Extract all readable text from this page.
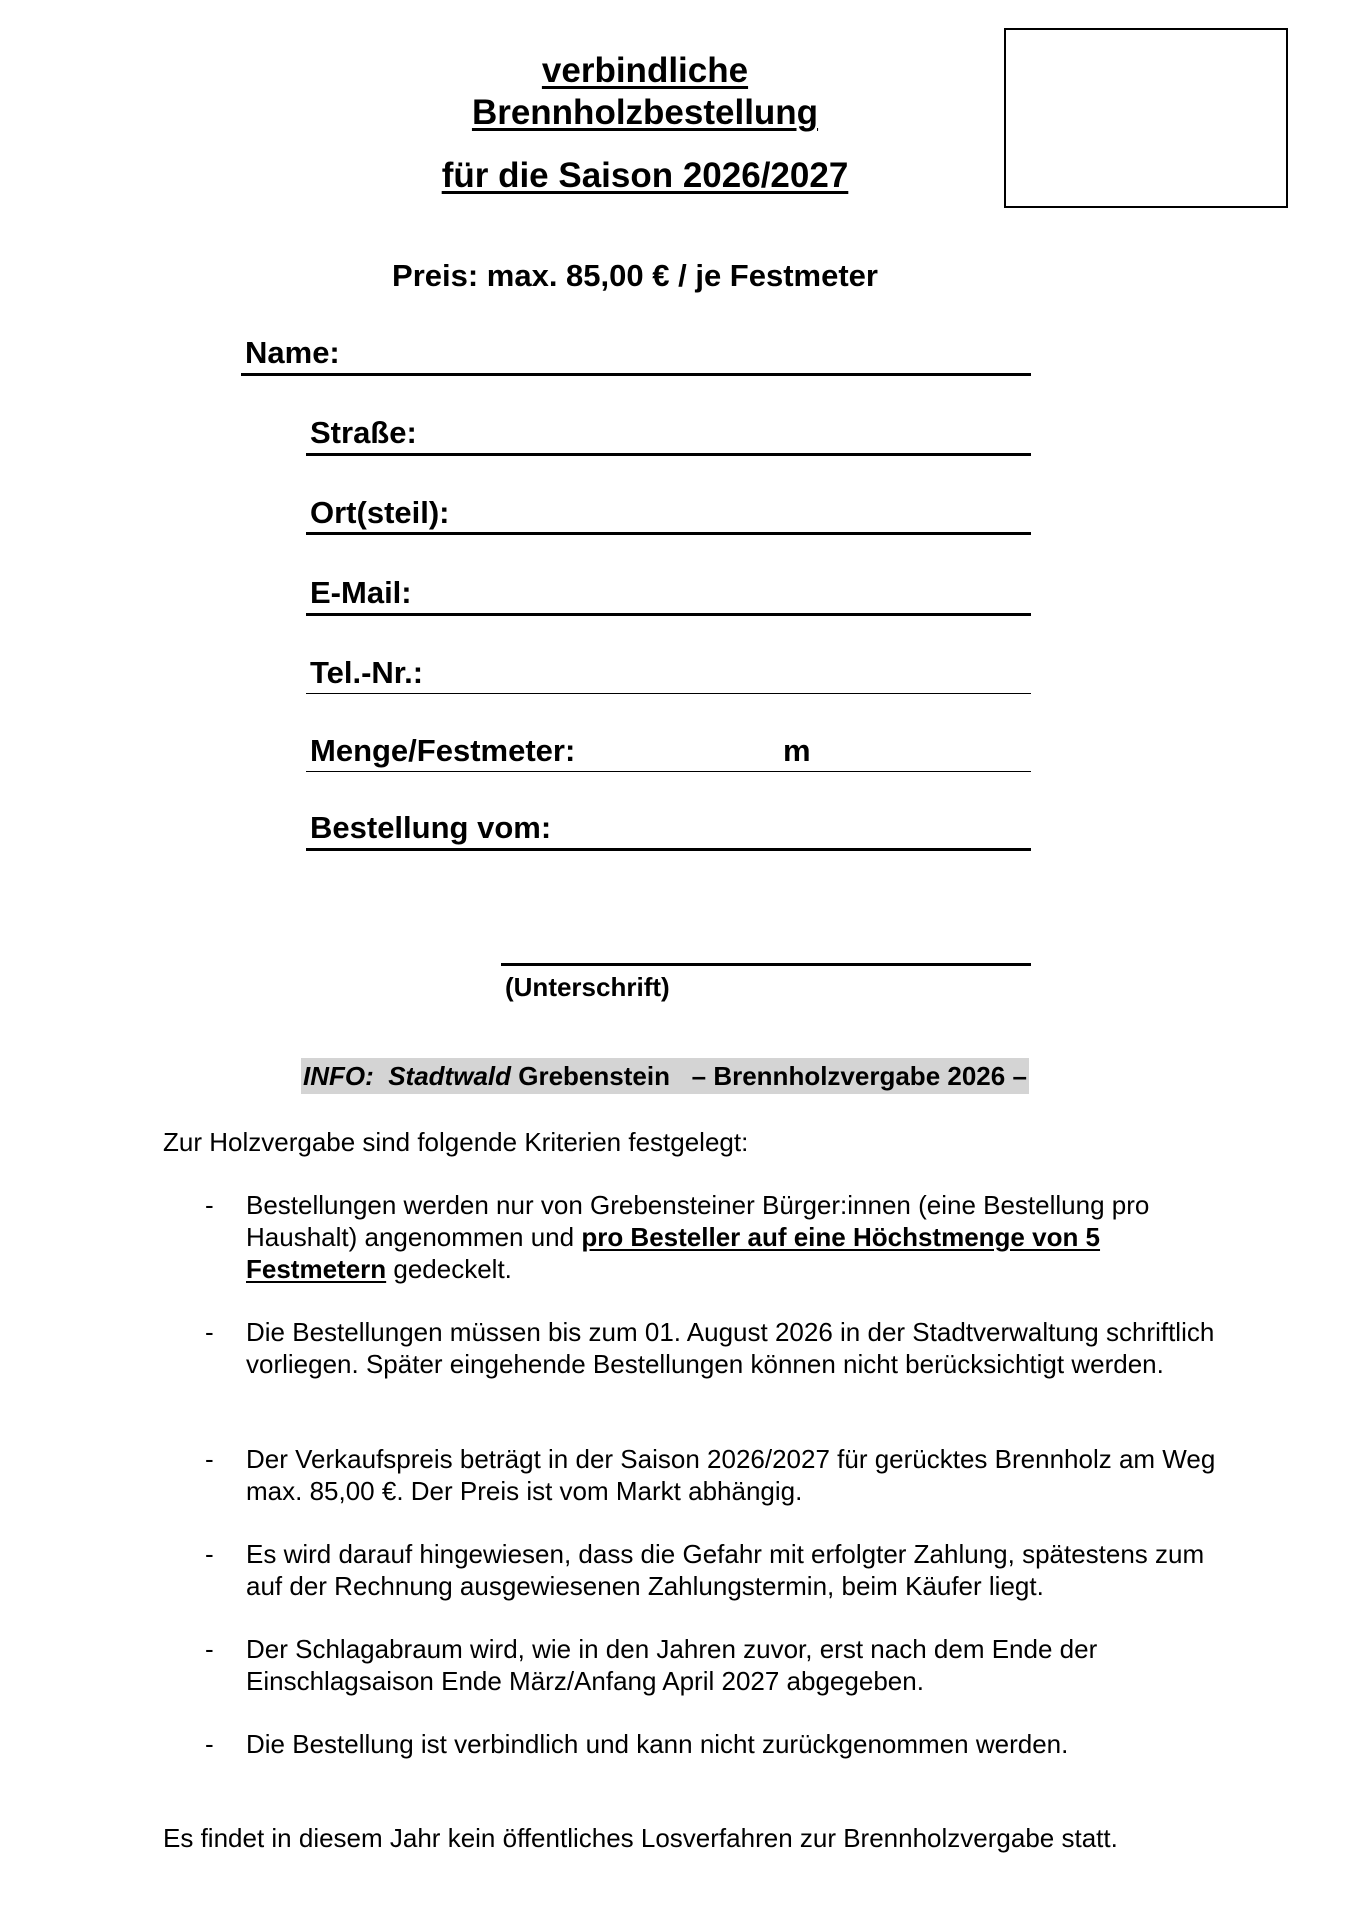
verbindliche
Brennholzbestellung
für die Saison 2026/2027
Preis: max. 85,00 € / je Festmeter
Name:
Straße:
Ort(steil):
E-Mail:
Tel.-Nr.:
Menge/Festmeter:	m
Bestellung vom:
(Unterschrift)
INFO: Stadtwald Grebenstein – Brennholzvergabe 2026 –
Zur Holzvergabe sind folgende Kriterien festgelegt:
- Bestellungen werden nur von Grebensteiner Bürger:innen (eine Bestellung pro Haushalt) angenommen und pro Besteller auf eine Höchstmenge von 5 Festmetern gedeckelt.
- Die Bestellungen müssen bis zum 01. August 2026 in der Stadtverwaltung schriftlich vorliegen. Später eingehende Bestellungen können nicht berücksichtigt werden.
- Der Verkaufspreis beträgt in der Saison 2026/2027 für gerücktes Brennholz am Weg max. 85,00 €. Der Preis ist vom Markt abhängig.
- Es wird darauf hingewiesen, dass die Gefahr mit erfolgter Zahlung, spätestens zum auf der Rechnung ausgewiesenen Zahlungstermin, beim Käufer liegt.
- Der Schlagabraum wird, wie in den Jahren zuvor, erst nach dem Ende der Einschlagsaison Ende März/Anfang April 2027 abgegeben.
- Die Bestellung ist verbindlich und kann nicht zurückgenommen werden.
Es findet in diesem Jahr kein öffentliches Losverfahren zur Brennholzvergabe statt.
